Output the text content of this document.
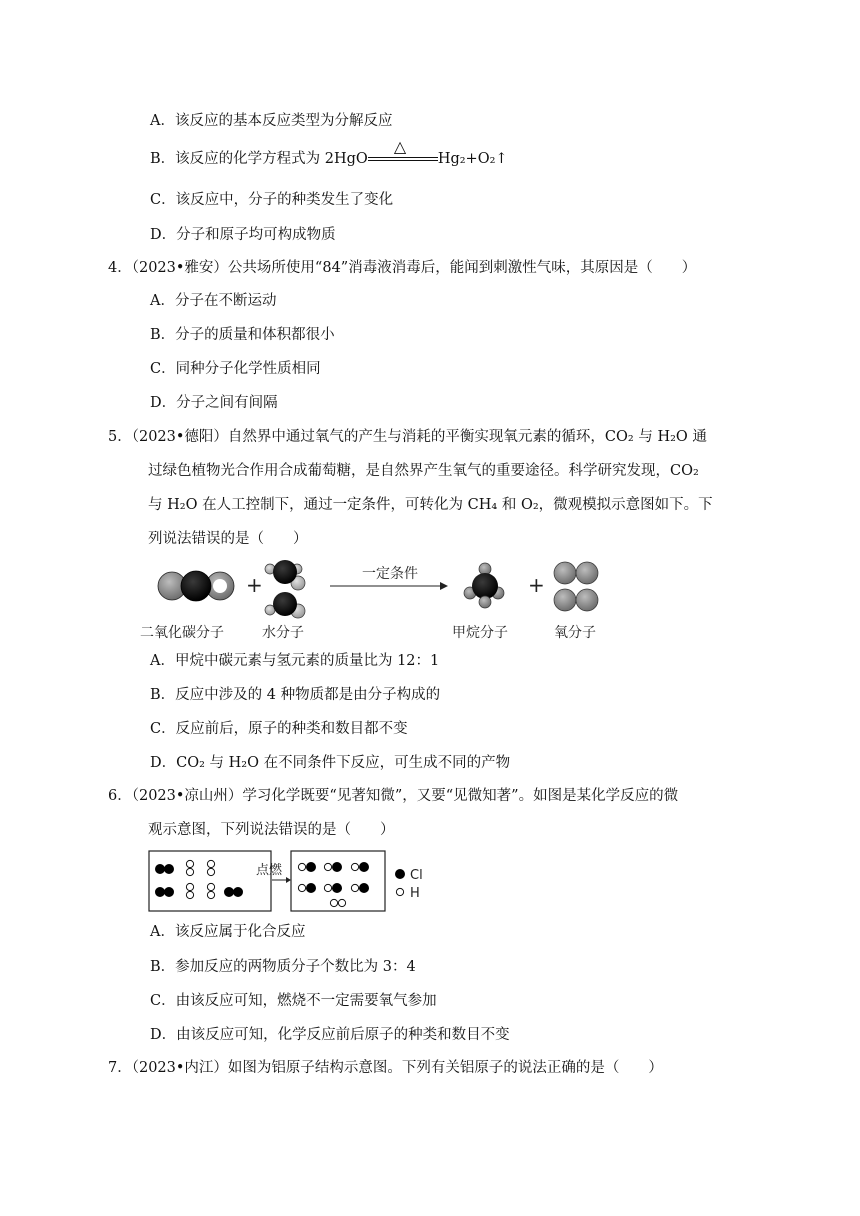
A．该反应的基本反应类型为分解反应
B．该反应的化学方程式为 2HgO
△
Hg₂+O₂↑
C．该反应中，分子的种类发生了变化
D．分子和原子均可构成物质
4．（2023•雅安）公共场所使用“84”消毒液消毒后，能闻到刺激性气味，其原因是（　　）
A．分子在不断运动
B．分子的质量和体积都很小
C．同种分子化学性质相同
D．分子之间有间隔
5．（2023•德阳）自然界中通过氧气的产生与消耗的平衡实现氧元素的循环，CO₂ 与 H₂O 通
过绿色植物光合作用合成葡萄糖，是自然界产生氧气的重要途径。科学研究发现，CO₂
与 H₂O 在人工控制下，通过一定条件，可转化为 CH₄ 和 O₂，微观模拟示意图如下。下
列说法错误的是（　　）
二氧化碳分子
+
水分子
一定条件
甲烷分子
+
氧分子
A．甲烷中碳元素与氢元素的质量比为 12：1
B．反应中涉及的 4 种物质都是由分子构成的
C．反应前后，原子的种类和数目都不变
D．CO₂ 与 H₂O 在不同条件下反应，可生成不同的产物
6．（2023•凉山州）学习化学既要“见著知微”，又要“见微知著”。如图是某化学反应的微
观示意图，下列说法错误的是（　　）
点燃	Cl
H
A．该反应属于化合反应
B．参加反应的两物质分子个数比为 3：4
C．由该反应可知，燃烧不一定需要氧气参加
D．由该反应可知，化学反应前后原子的种类和数目不变
7．（2023•内江）如图为铝原子结构示意图。下列有关铝原子的说法正确的是（　　）
